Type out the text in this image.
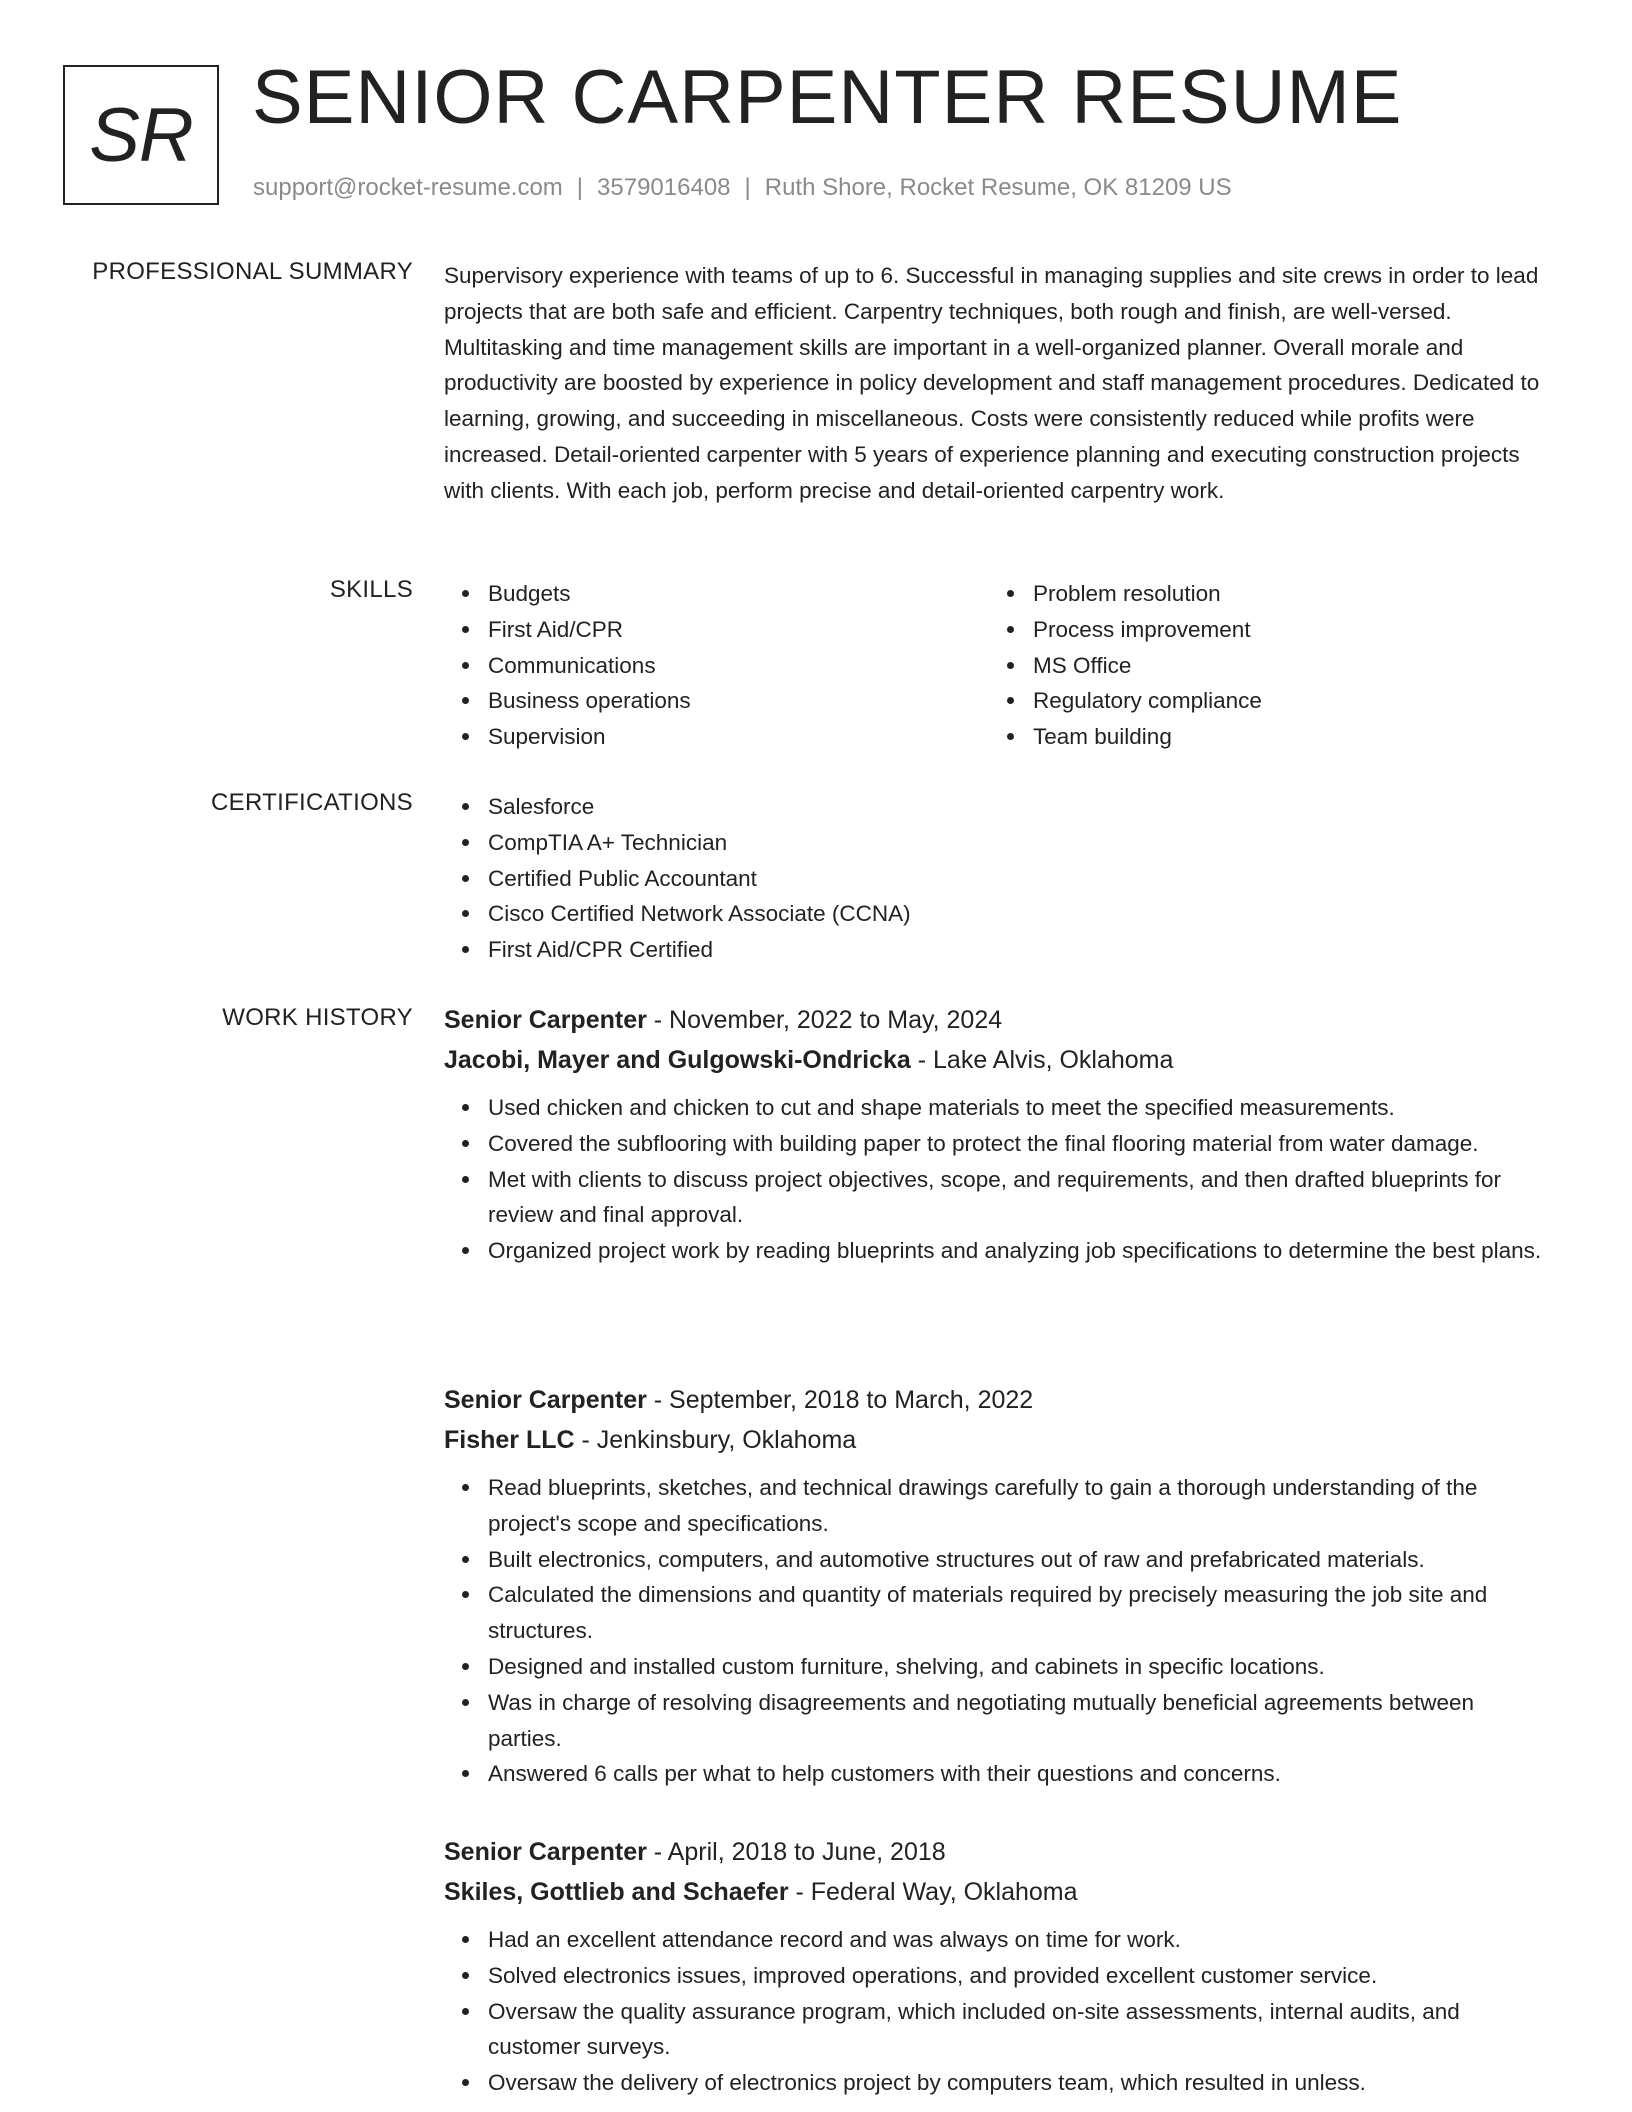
SR SENIOR CARPENTER RESUME
support@rocket-resume.com | 3579016408 | Ruth Shore, Rocket Resume, OK 81209 US
PROFESSIONAL SUMMARY Supervisory experience with teams of up to 6. Successful in managing supplies and site crews in order to lead projects that are both safe and efficient. Carpentry techniques, both rough and finish, are well-versed. Multitasking and time management skills are important in a well-organized planner. Overall morale and productivity are boosted by experience in policy development and staff management procedures. Dedicated to learning, growing, and succeeding in miscellaneous. Costs were consistently reduced while profits were increased. Detail-oriented carpenter with 5 years of experience planning and executing construction projects with clients. With each job, perform precise and detail-oriented carpentry work.

SKILLS	Budgets
First Aid/CPR
Communications
Business operations
Supervision
Problem resolution
Process improvement
MS Office
Regulatory compliance
Team building
CERTIFICATIONS	Salesforce
CompTIA A+ Technician
Certified Public Accountant
Cisco Certified Network Associate (CCNA)
First Aid/CPR Certified
WORK HISTORY Senior Carpenter - November, 2022 to May, 2024
Jacobi, Mayer and Gulgowski-Ondricka - Lake Alvis, Oklahoma
Used chicken and chicken to cut and shape materials to meet the specified measurements.
Covered the subflooring with building paper to protect the final flooring material from water damage.
Met with clients to discuss project objectives, scope, and requirements, and then drafted blueprints for review and final approval.
Organized project work by reading blueprints and analyzing job specifications to determine the best plans.
Senior Carpenter - September, 2018 to March, 2022
Fisher LLC - Jenkinsbury, Oklahoma
Read blueprints, sketches, and technical drawings carefully to gain a thorough understanding of the project's scope and specifications.
Built electronics, computers, and automotive structures out of raw and prefabricated materials.
Calculated the dimensions and quantity of materials required by precisely measuring the job site and structures.
Designed and installed custom furniture, shelving, and cabinets in specific locations.
Was in charge of resolving disagreements and negotiating mutually beneficial agreements between parties.
Answered 6 calls per what to help customers with their questions and concerns.
Senior Carpenter - April, 2018 to June, 2018
Skiles, Gottlieb and Schaefer - Federal Way, Oklahoma
Had an excellent attendance record and was always on time for work.
Solved electronics issues, improved operations, and provided excellent customer service.
Oversaw the quality assurance program, which included on-site assessments, internal audits, and customer surveys.
Oversaw the delivery of electronics project by computers team, which resulted in unless.
